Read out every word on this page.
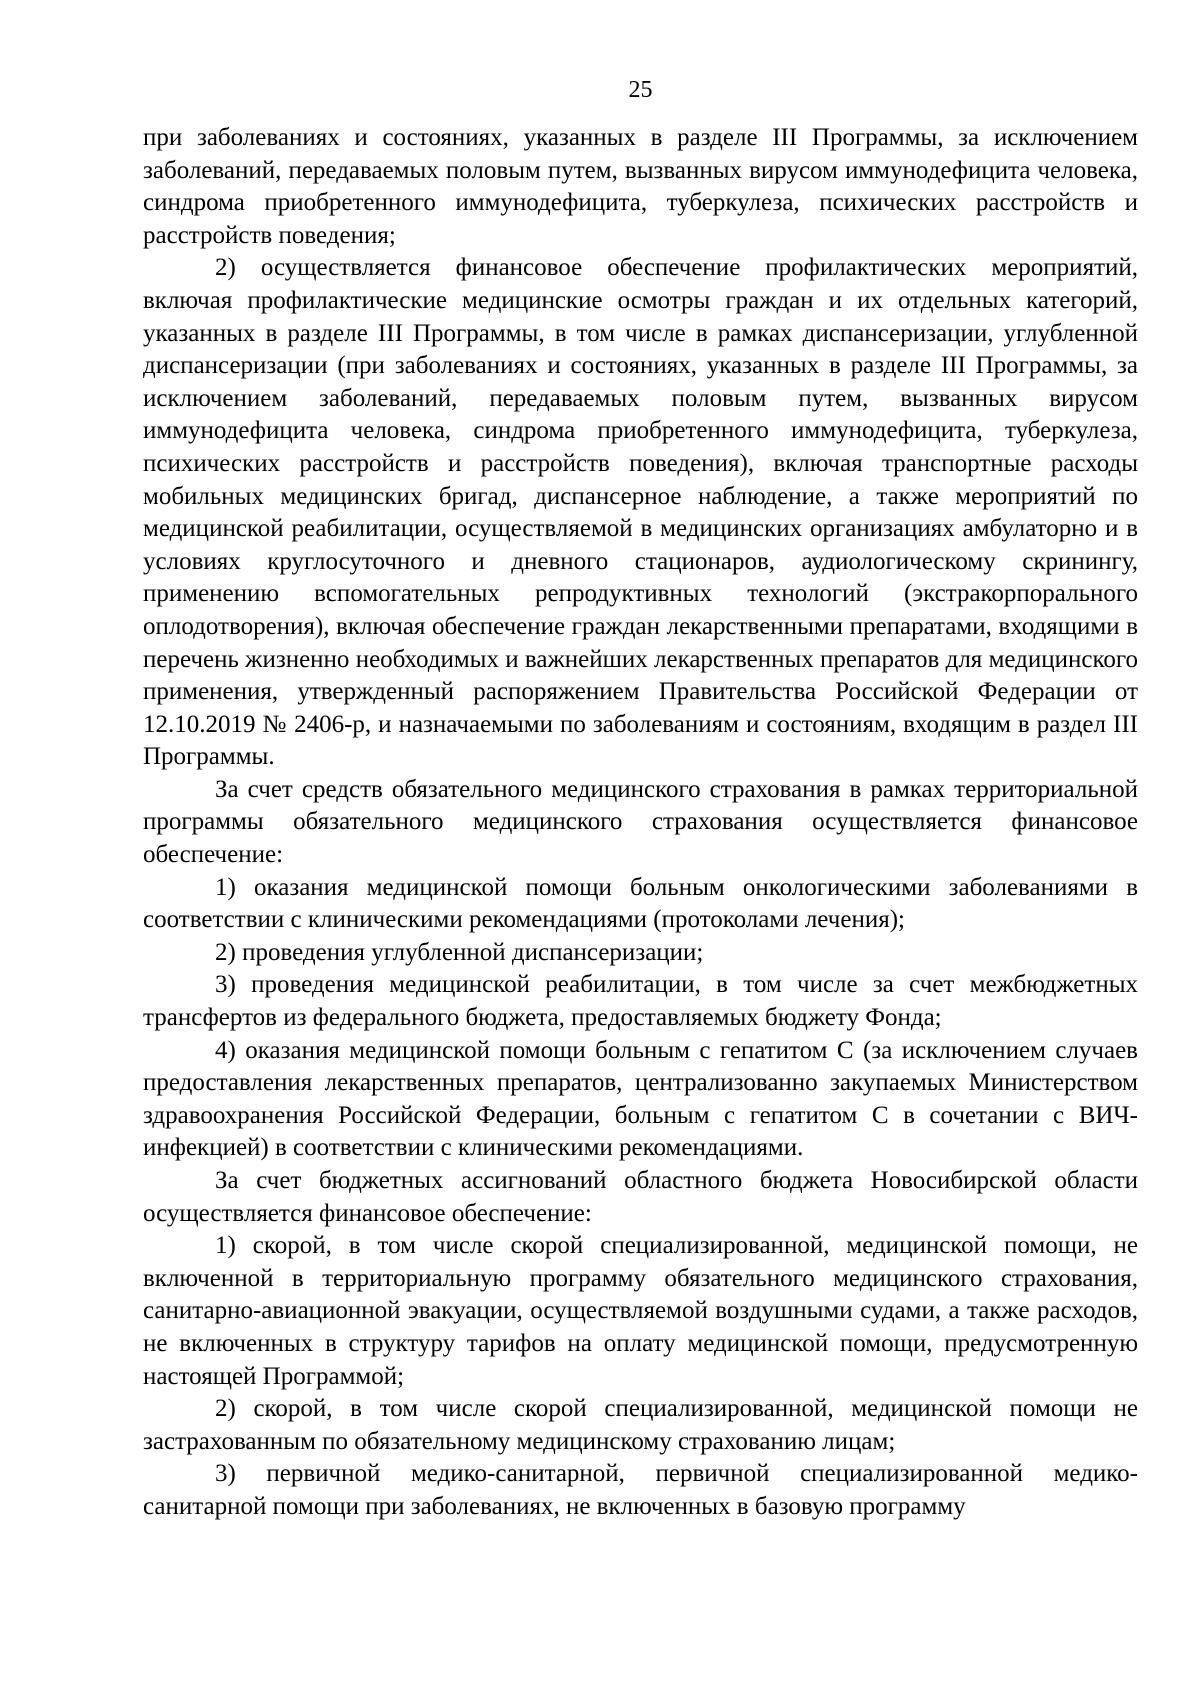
25

при заболеваниях и состояниях, указанных в разделе III Программы, за исключением заболеваний, передаваемых половым путем, вызванных вирусом иммунодефицита человека, синдрома приобретенного иммунодефицита, туберкулеза, психических расстройств и расстройств поведения;

2) осуществляется финансовое обеспечение профилактических мероприятий, включая профилактические медицинские осмотры граждан и их отдельных категорий, указанных в разделе III Программы, в том числе в рамках диспансеризации, углубленной диспансеризации (при заболеваниях и состояниях, указанных в разделе III Программы, за исключением заболеваний, передаваемых половым путем, вызванных вирусом иммунодефицита человека, синдрома приобретенного иммунодефицита, туберкулеза, психических расстройств и расстройств поведения), включая транспортные расходы мобильных медицинских бригад, диспансерное наблюдение, а также мероприятий по медицинской реабилитации, осуществляемой в медицинских организациях амбулаторно и в условиях круглосуточного и дневного стационаров, аудиологическому скринингу, применению вспомогательных репродуктивных технологий (экстракорпорального оплодотворения), включая обеспечение граждан лекарственными препаратами, входящими в перечень жизненно необходимых и важнейших лекарственных препаратов для медицинского применения, утвержденный распоряжением Правительства Российской Федерации от 12.10.2019 № 2406-р, и назначаемыми по заболеваниям и состояниям, входящим в раздел III Программы.

За счет средств обязательного медицинского страхования в рамках территориальной программы обязательного медицинского страхования осуществляется финансовое обеспечение:

1) оказания медицинской помощи больным онкологическими заболеваниями в соответствии с клиническими рекомендациями (протоколами лечения);

2) проведения углубленной диспансеризации;

3) проведения медицинской реабилитации, в том числе за счет межбюджетных трансфертов из федерального бюджета, предоставляемых бюджету Фонда;

4) оказания медицинской помощи больным с гепатитом C (за исключением случаев предоставления лекарственных препаратов, централизованно закупаемых Министерством здравоохранения Российской Федерации, больным с гепатитом C в сочетании с ВИЧ-инфекцией) в соответствии с клиническими рекомендациями.

За счет бюджетных ассигнований областного бюджета Новосибирской области осуществляется финансовое обеспечение:

1) скорой, в том числе скорой специализированной, медицинской помощи, не включенной в территориальную программу обязательного медицинского страхования, санитарно-авиационной эвакуации, осуществляемой воздушными судами, а также расходов, не включенных в структуру тарифов на оплату медицинской помощи, предусмотренную настоящей Программой;

2) скорой, в том числе скорой специализированной, медицинской помощи не застрахованным по обязательному медицинскому страхованию лицам;

3) первичной медико-санитарной, первичной специализированной медико-санитарной помощи при заболеваниях, не включенных в базовую программу
